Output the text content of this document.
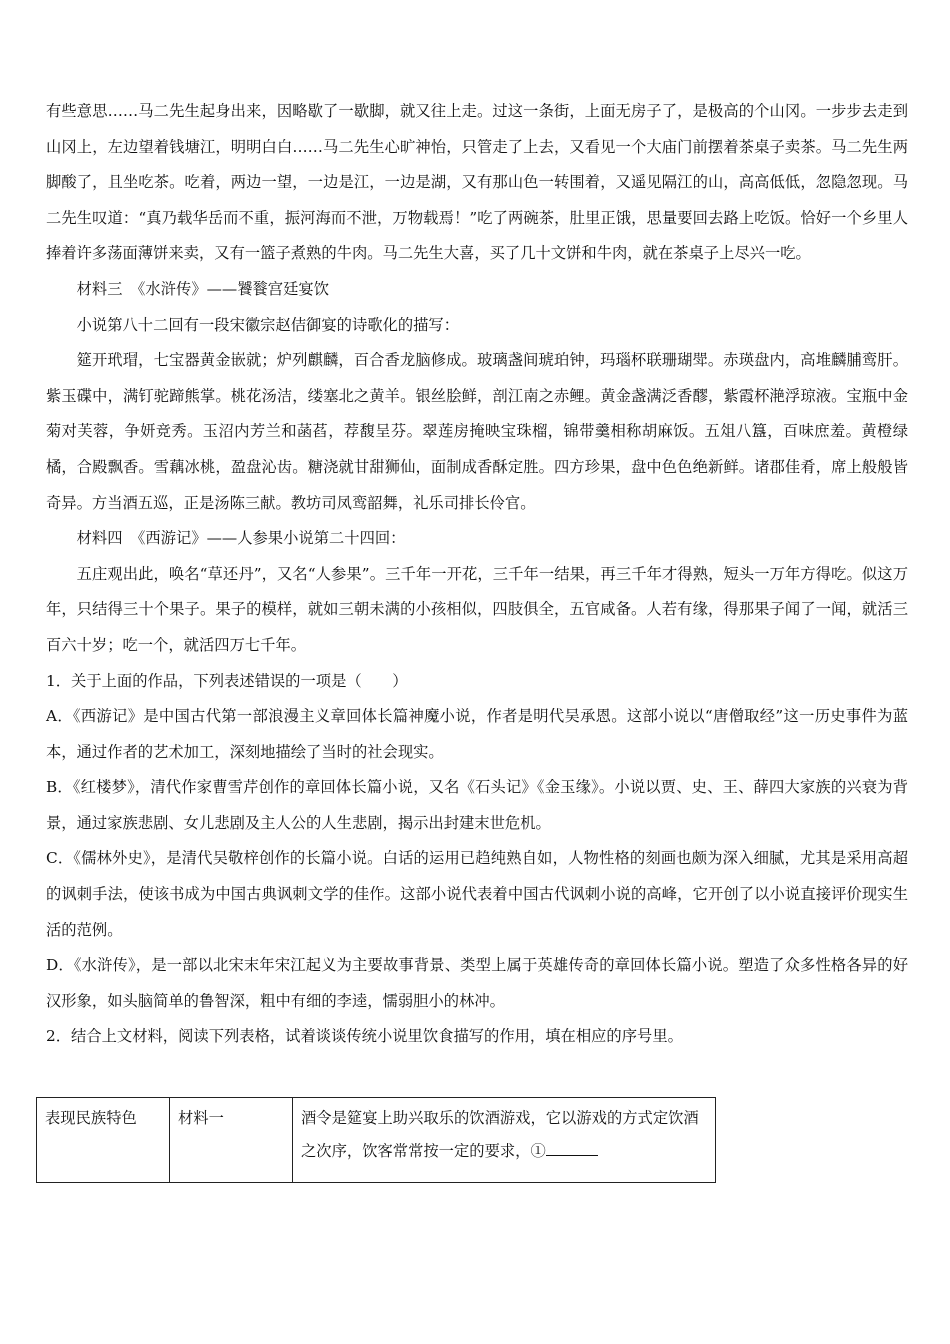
有些意思……马二先生起身出来，因略歇了一歇脚，就又往上走。过这一条街，上面无房子了，是极高的个山冈。一步步去走到山冈上，左边望着钱塘江，明明白白……马二先生心旷神怡，只管走了上去，又看见一个大庙门前摆着茶桌子卖茶。马二先生两脚酸了，且坐吃茶。吃着，两边一望，一边是江，一边是湖，又有那山色一转围着，又遥见隔江的山，高高低低，忽隐忽现。马二先生叹道：“真乃载华岳而不重，振河海而不泄，万物载焉！”吃了两碗茶，肚里正饿，思量要回去路上吃饭。恰好一个乡里人捧着许多荡面薄饼来卖，又有一篮子煮熟的牛肉。马二先生大喜，买了几十文饼和牛肉，就在茶桌子上尽兴一吃。

材料三　《水浒传》——饕餮宫廷宴饮

小说第八十二回有一段宋徽宗赵佶御宴的诗歌化的描写：

筵开玳瑁，七宝器黄金嵌就；炉列麒麟，百合香龙脑修成。玻璃盏间琥珀钟，玛瑙杯联珊瑚斝。赤瑛盘内，高堆麟脯鸾肝。紫玉碟中，满钉驼蹄熊掌。桃花汤洁，缕塞北之黄羊。银丝脍鲜，剖江南之赤鲤。黄金盏满泛香醪，紫霞杯滟浮琼液。宝瓶中金菊对芙蓉，争妍竞秀。玉沼内芳兰和菡萏，荐馥呈芬。翠莲房掩映宝珠榴，锦带羹相称胡麻饭。五俎八簋，百味庶羞。黄橙绿橘，合殿飘香。雪藕冰桃，盈盘沁齿。糖浇就甘甜狮仙，面制成香酥定胜。四方珍果，盘中色色绝新鲜。诸郡佳肴，席上般般皆奇异。方当酒五巡，正是汤陈三献。教坊司凤鸾韶舞，礼乐司排长伶官。

材料四　《西游记》——人参果小说第二十四回：

五庄观出此，唤名“草还丹”，又名“人参果”。三千年一开花，三千年一结果，再三千年才得熟，短头一万年方得吃。似这万年，只结得三十个果子。果子的模样，就如三朝未满的小孩相似，四肢俱全，五官咸备。人若有缘，得那果子闻了一闻，就活三百六十岁；吃一个，就活四万七千年。

1．关于上面的作品，下列表述错误的一项是（　　）

A．《西游记》是中国古代第一部浪漫主义章回体长篇神魔小说，作者是明代吴承恩。这部小说以“唐僧取经”这一历史事件为蓝本，通过作者的艺术加工，深刻地描绘了当时的社会现实。

B．《红楼梦》，清代作家曹雪芹创作的章回体长篇小说，又名《石头记》《金玉缘》。小说以贾、史、王、薛四大家族的兴衰为背景，通过家族悲剧、女儿悲剧及主人公的人生悲剧，揭示出封建末世危机。

C．《儒林外史》，是清代吴敬梓创作的长篇小说。白话的运用已趋纯熟自如，人物性格的刻画也颇为深入细腻，尤其是采用高超的讽刺手法，使该书成为中国古典讽刺文学的佳作。这部小说代表着中国古代讽刺小说的高峰，它开创了以小说直接评价现实生活的范例。

D．《水浒传》，是一部以北宋末年宋江起义为主要故事背景、类型上属于英雄传奇的章回体长篇小说。塑造了众多性格各异的好汉形象，如头脑简单的鲁智深，粗中有细的李逵，懦弱胆小的林冲。

2．结合上文材料，阅读下列表格，试着谈谈传统小说里饮食描写的作用，填在相应的序号里。

表现民族特色	材料一	酒令是筵宴上助兴取乐的饮酒游戏，它以游戏的方式定饮酒之次序，饮客常常按一定的要求，①
